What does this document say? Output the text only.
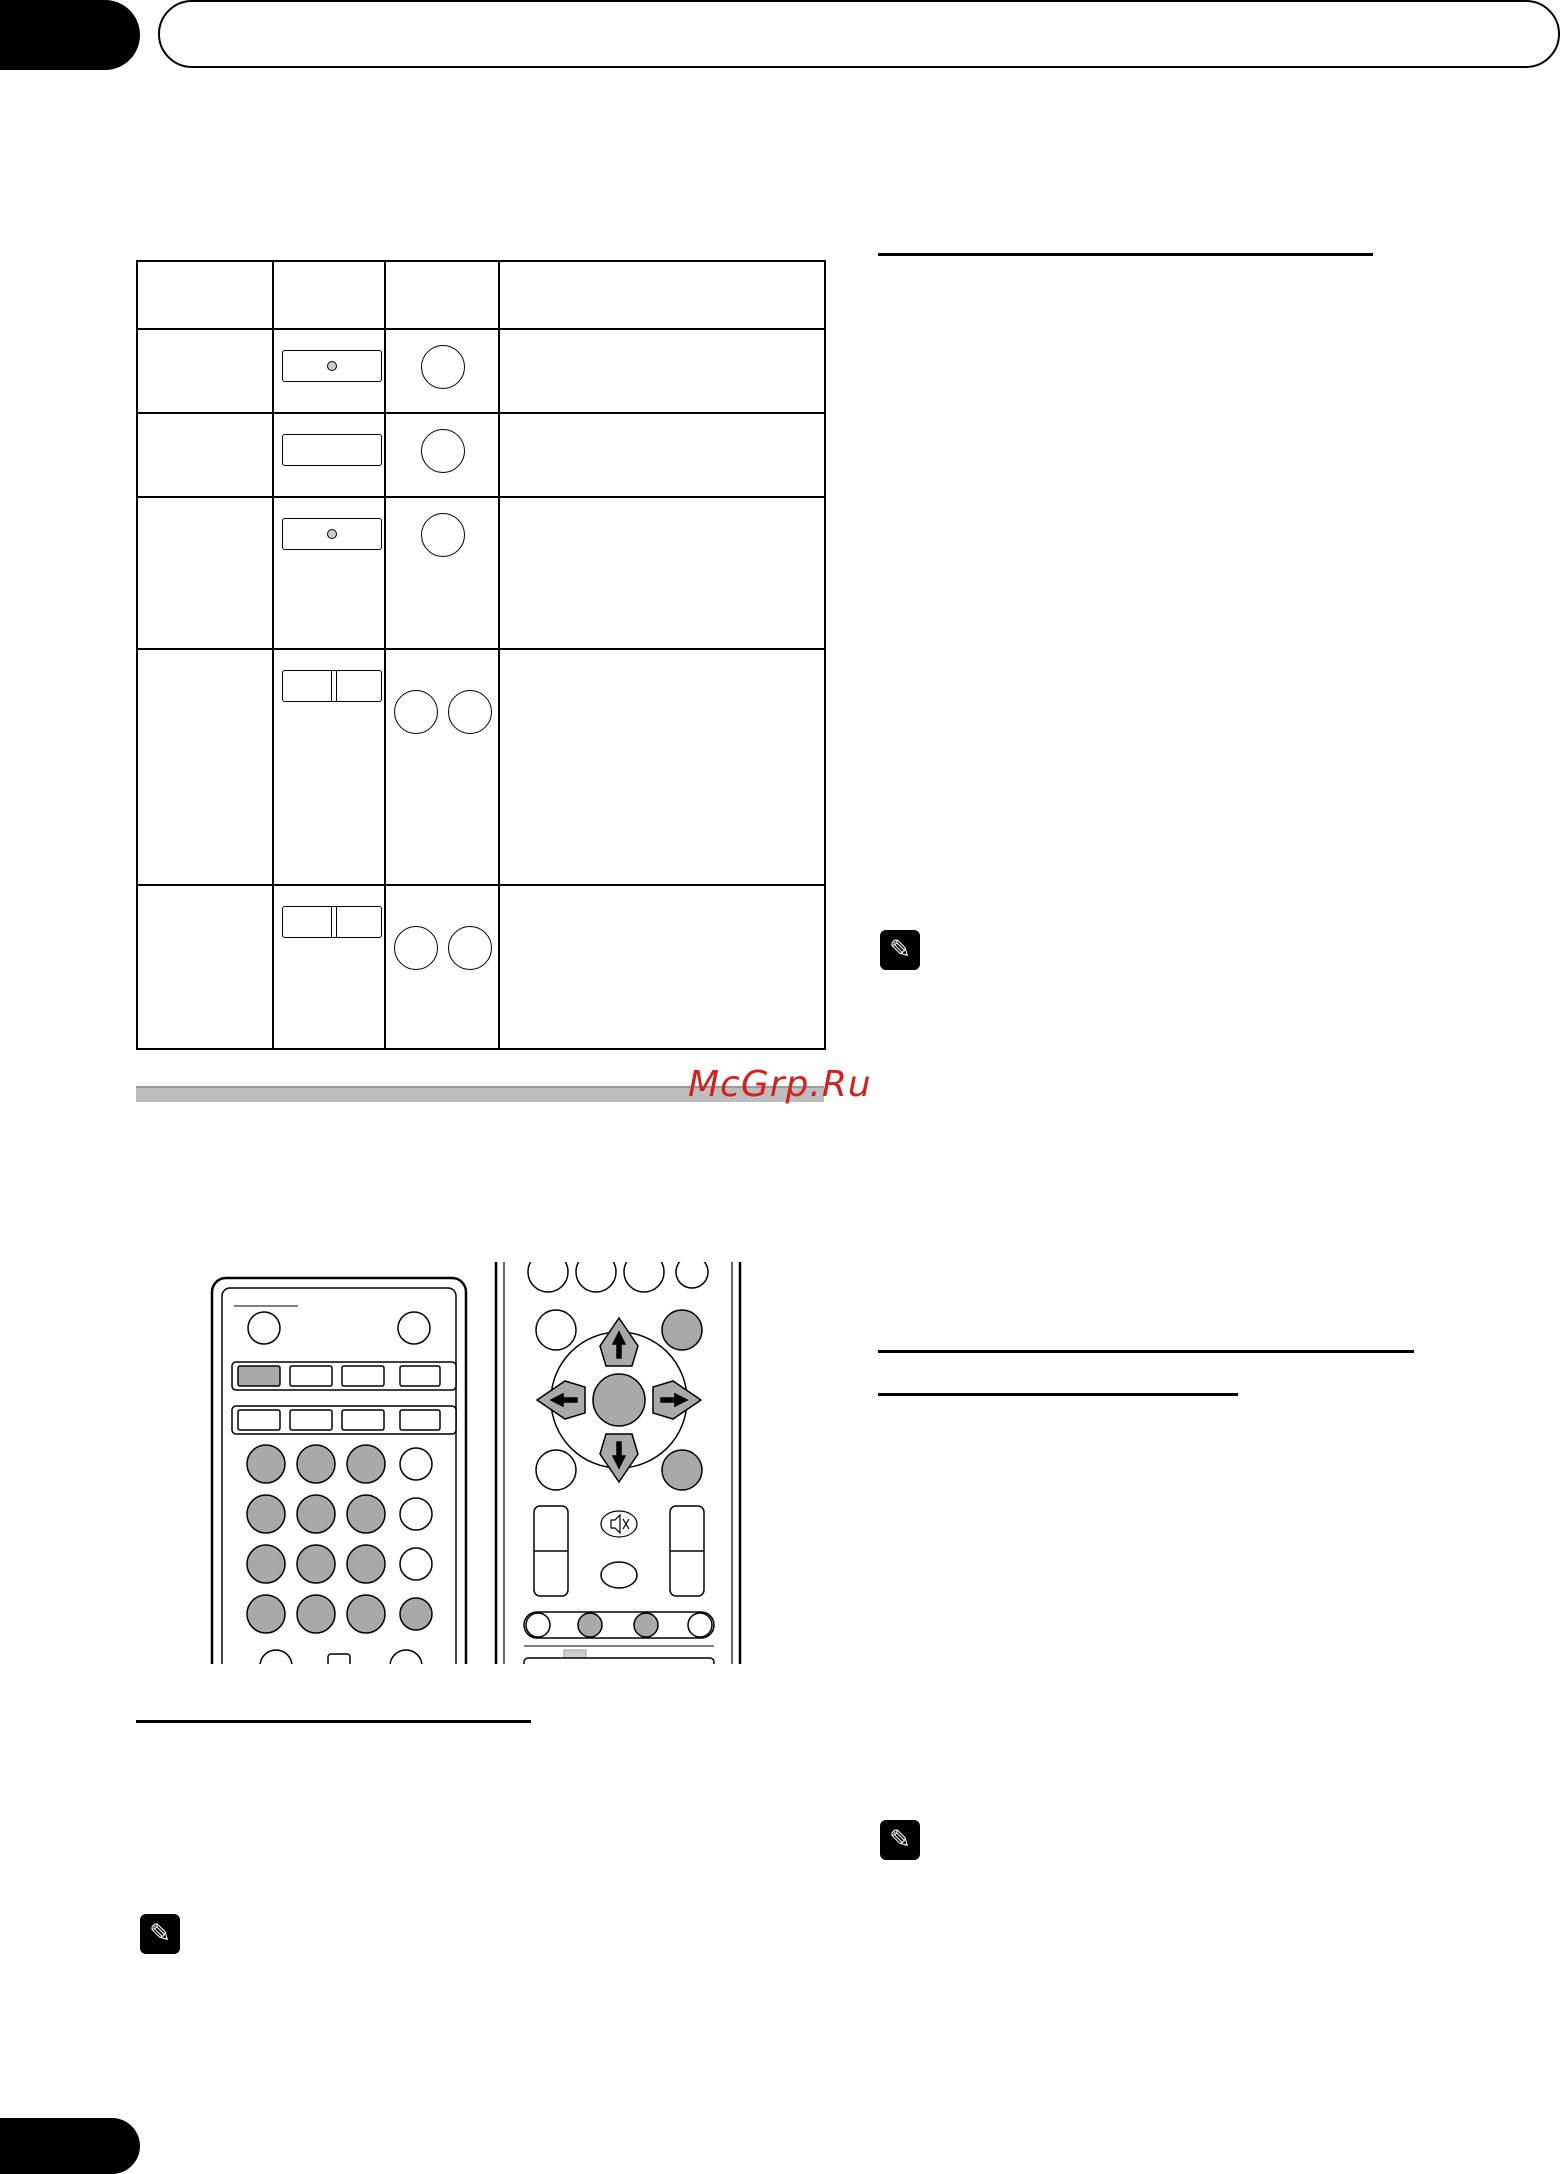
McGrp.Ru
✎
✎
✎
